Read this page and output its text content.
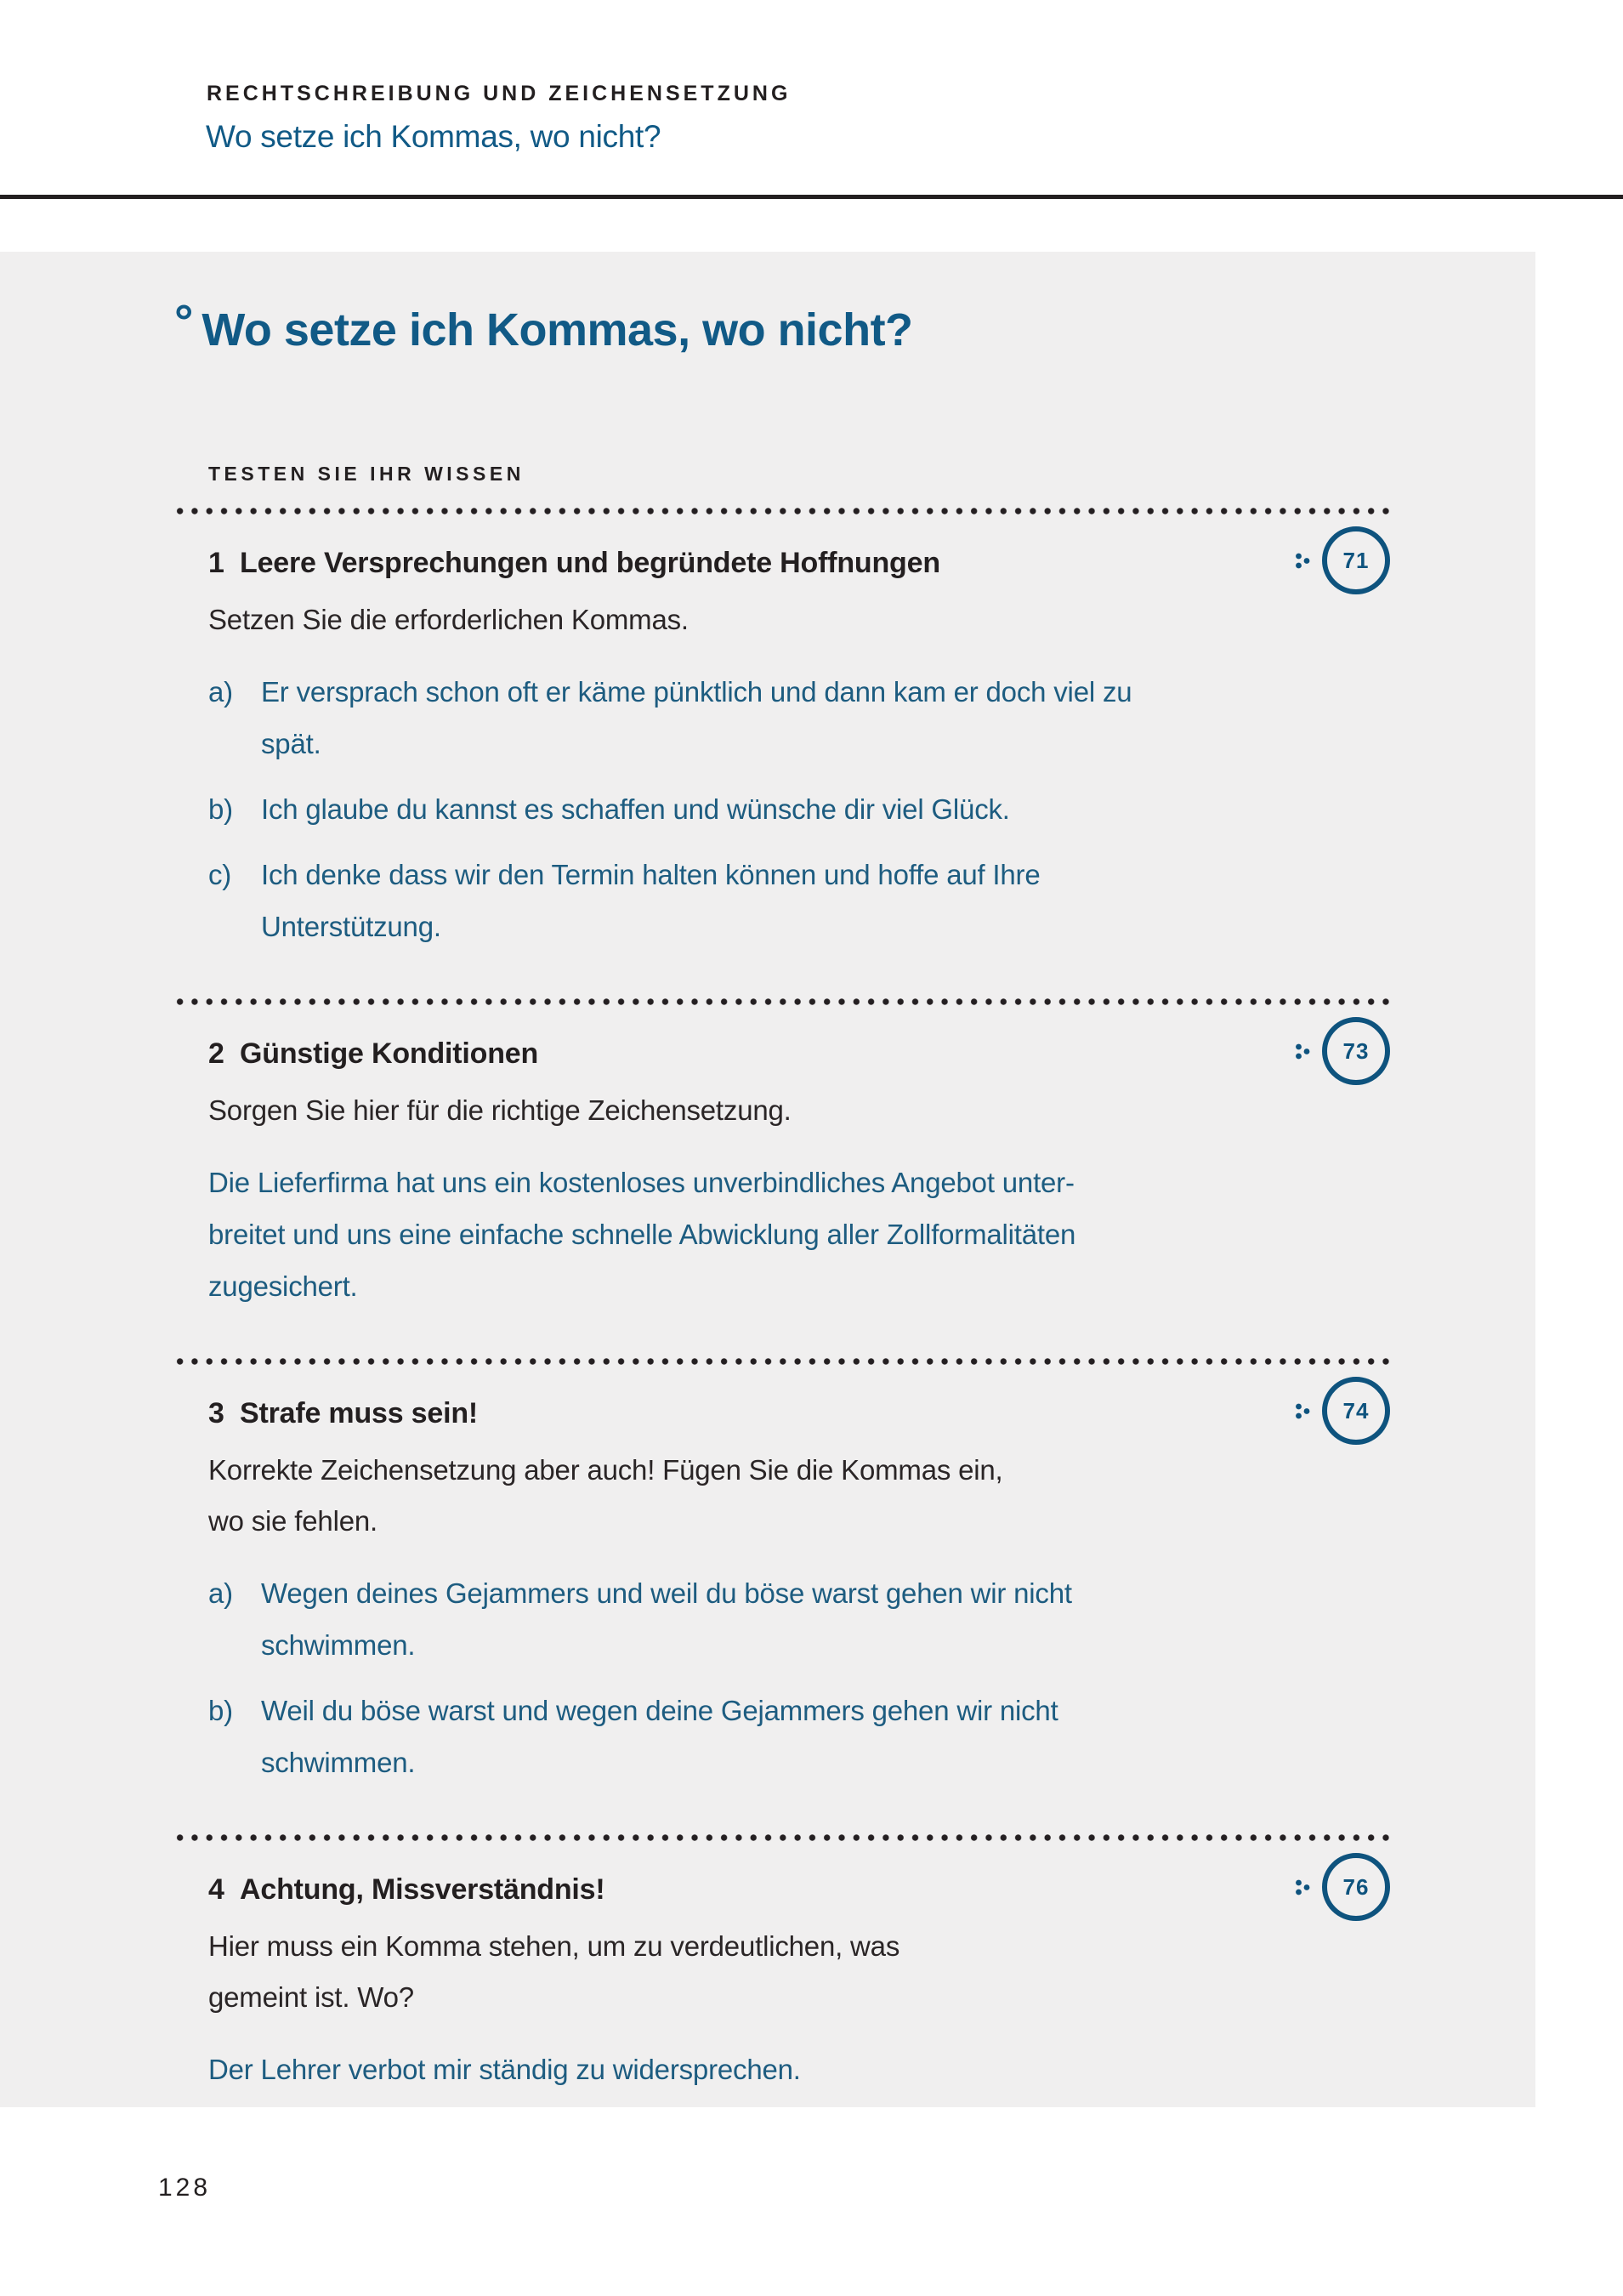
RECHTSCHREIBUNG UND ZEICHENSETZUNG
Wo setze ich Kommas, wo nicht?
° Wo setze ich Kommas, wo nicht?
TESTEN SIE IHR WISSEN
71
1 Leere Versprechungen und begründete Hoffnungen
Setzen Sie die erforderlichen Kommas.
a)	Er versprach schon oft er käme pünktlich und dann kam er doch viel zu
spät.
b)	Ich glaube du kannst es schaffen und wünsche dir viel Glück.
c)	Ich denke dass wir den Termin halten können und hoffe auf Ihre
Unterstützung.
73
2 Günstige Konditionen
Sorgen Sie hier für die richtige Zeichensetzung.
Die Lieferfirma hat uns ein kostenloses unverbindliches Angebot unter-
breitet und uns eine einfache schnelle Abwicklung aller Zollformalitäten
zugesichert.
74
3 Strafe muss sein!
Korrekte Zeichensetzung aber auch! Fügen Sie die Kommas ein,
wo sie fehlen.
a)	Wegen deines Gejammers und weil du böse warst gehen wir nicht
schwimmen.
b)	Weil du böse warst und wegen deine Gejammers gehen wir nicht
schwimmen.
76
4 Achtung, Missverständnis!
Hier muss ein Komma stehen, um zu verdeutlichen, was
gemeint ist. Wo?
Der Lehrer verbot mir ständig zu widersprechen.
128
